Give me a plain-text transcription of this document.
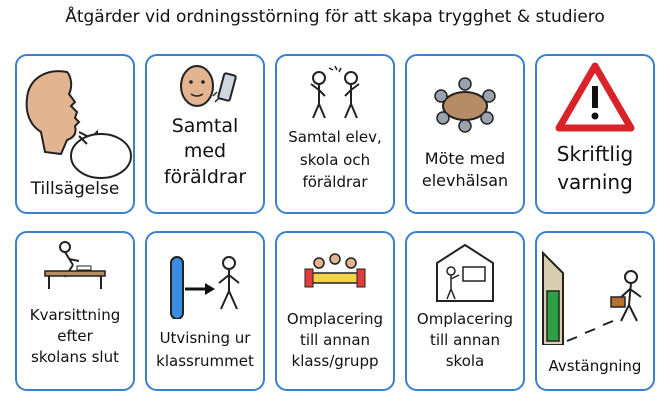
Åtgärder vid ordningsstörning för att skapa trygghet & studiero
Tillsägelse
Samtal
med
föräldrar
Samtal elev,
skola och
föräldrar
Möte med
elevhälsan
Skriftlig
varning
Kvarsittning
efter
skolans slut
Utvisning ur
klassrummet
Omplacering
till annan
klass/grupp
Omplacering
till annan
skola	Avstängning
